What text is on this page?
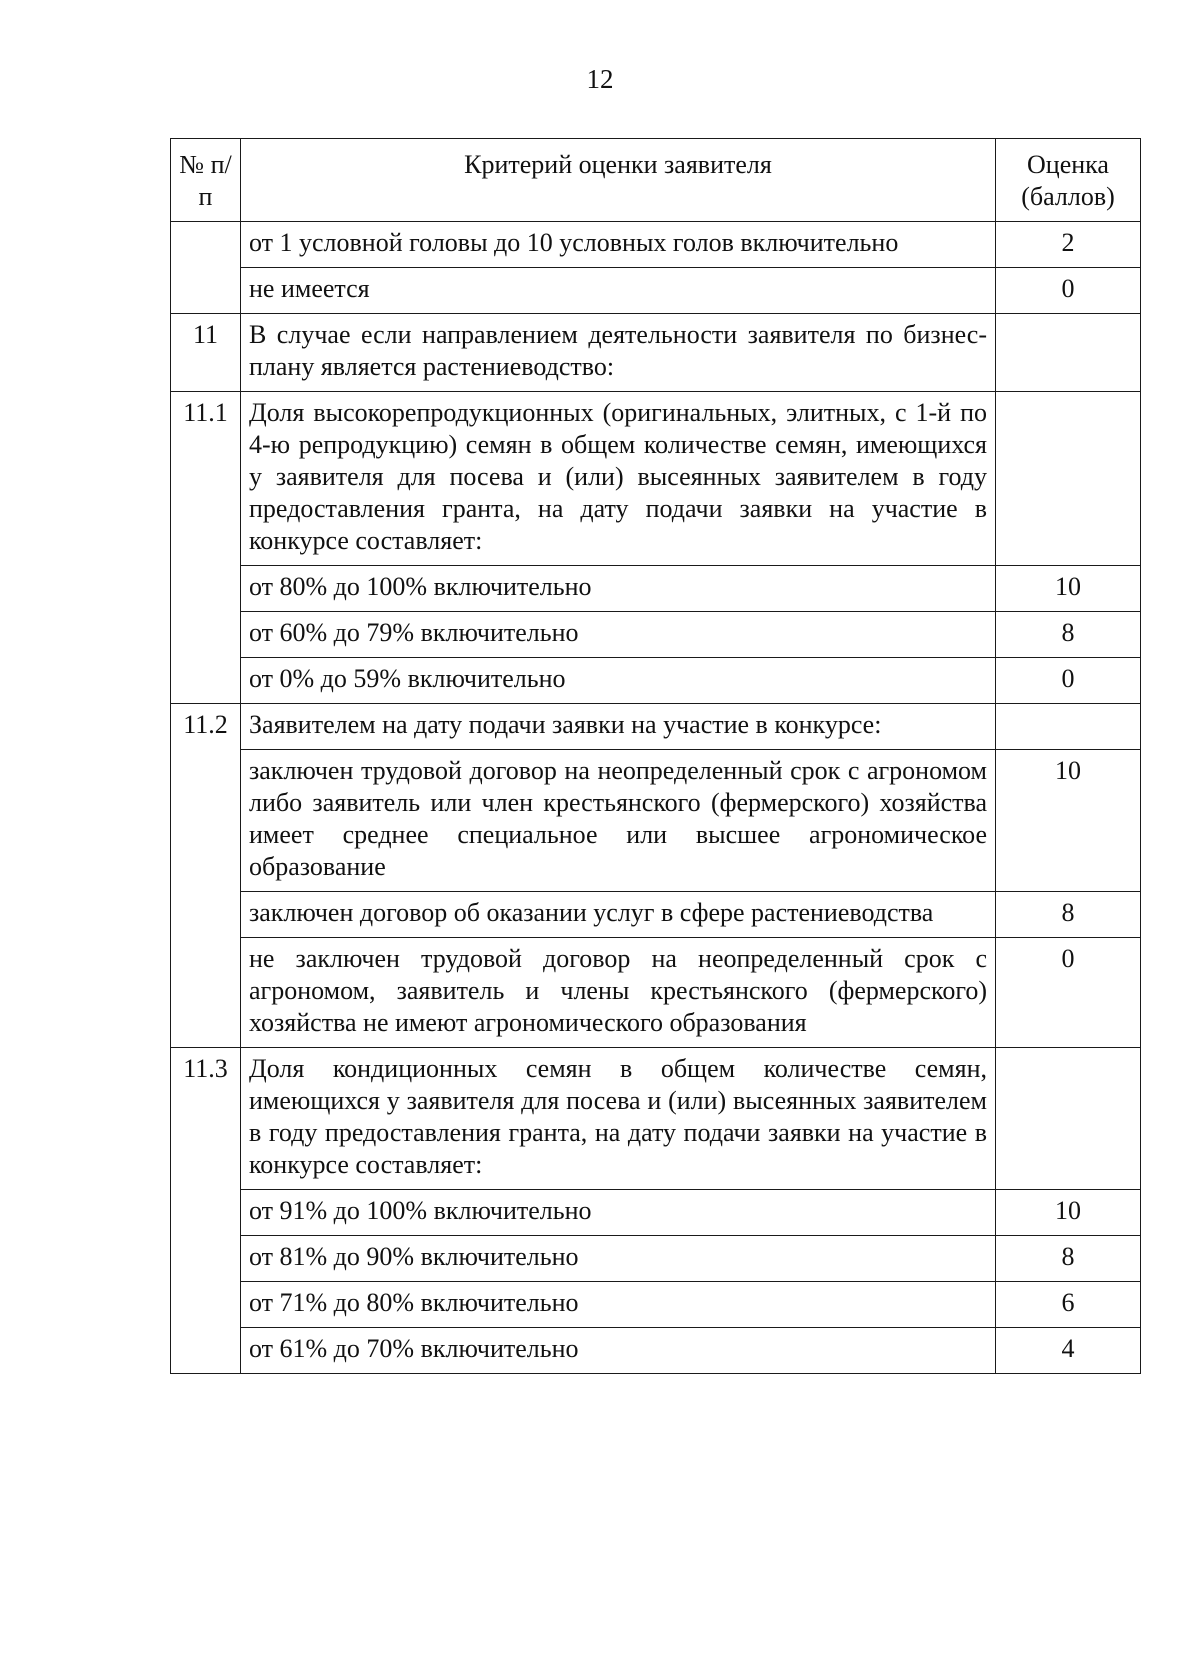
12
№ п/п	Критерий оценки заявителя	Оценка (баллов)
	от 1 условной головы до 10 условных голов включительно	2
	не имеется	0
11	В случае если направлением деятельности заявителя по бизнес-плану является растениеводство:	
11.1	Доля высокорепродукционных (оригинальных, элитных, с 1-й по 4-ю репродукцию) семян в общем количестве семян, имеющихся у заявителя для посева и (или) высеянных заявителем в году предоставления гранта, на дату подачи заявки на участие в конкурсе составляет:	
	от 80% до 100% включительно	10
	от 60% до 79% включительно	8
	от 0% до 59% включительно	0
11.2	Заявителем на дату подачи заявки на участие в конкурсе:	
	заключен трудовой договор на неопределенный срок с агрономом либо заявитель или член крестьянского (фермерского) хозяйства имеет среднее специальное или высшее агрономическое образование	10
	заключен договор об оказании услуг в сфере растениеводства	8
	не заключен трудовой договор на неопределенный срок с агрономом, заявитель и члены крестьянского (фермерского) хозяйства не имеют агрономического образования	0
11.3	Доля кондиционных семян в общем количестве семян, имеющихся у заявителя для посева и (или) высеянных заявителем в году предоставления гранта, на дату подачи заявки на участие в конкурсе составляет:	
	от 91% до 100% включительно	10
	от 81% до 90% включительно	8
	от 71% до 80% включительно	6
	от 61% до 70% включительно	4
